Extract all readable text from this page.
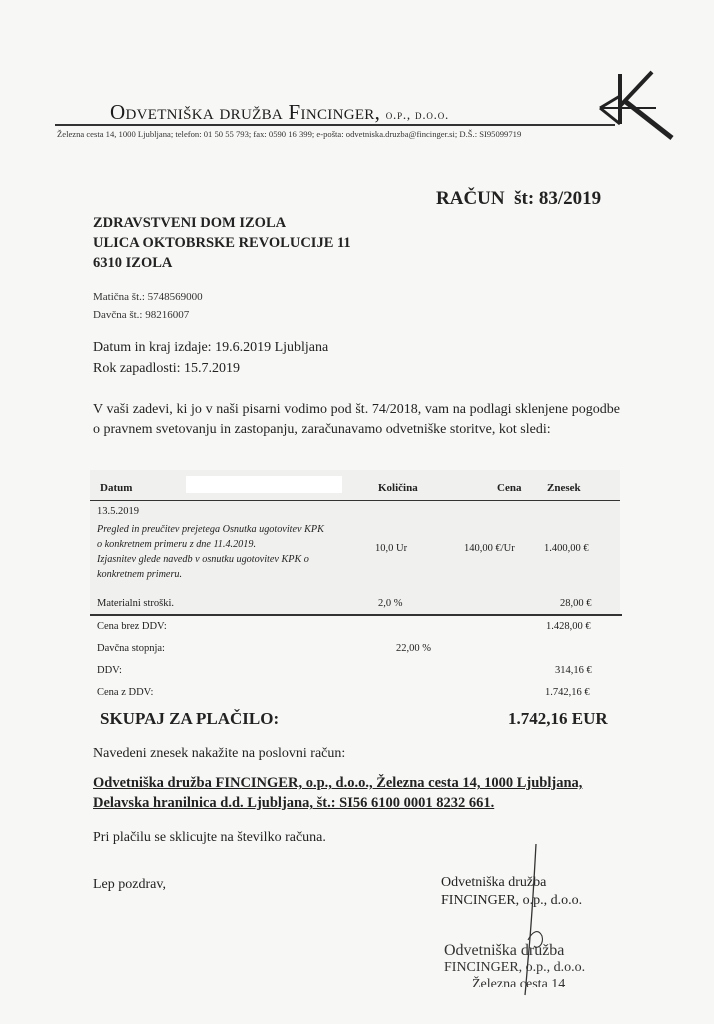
Odvetniška družba Fincinger, o.p., d.o.o.
Železna cesta 14, 1000 Ljubljana; telefon: 01 50 55 793; fax: 0590 16 399; e-pošta: odvetniska.druzba@fincinger.si; D.Š.: SI95099719
RAČUN št: 83/2019
ZDRAVSTVENI DOM IZOLA
ULICA OKTOBRSKE REVOLUCIJE 11
6310 IZOLA
Matična št.: 5748569000
Davčna št.: 98216007
Datum in kraj izdaje: 19.6.2019 Ljubljana
Rok zapadlosti: 15.7.2019
V vaši zadevi, ki jo v naši pisarni vodimo pod št. 74/2018, vam na podlagi sklenjene pogodbe o pravnem svetovanju in zastopanju, zaračunavamo odvetniške storitve, kot sledi:
Datum	Količina	Cena Znesek
13.5.2019
Pregled in preučitev prejetega Osnutka ugotovitev KPK
o konkretnem primeru z dne 11.4.2019.
Izjasnitev glede navedb v osnutku ugotovitev KPK o
konkretnem primeru.
10,0 Ur	140,00 €/Ur	1.400,00 €
Materialni stroški.	2,0 %	28,00 €
Cena brez DDV:	1.428,00 €
Davčna stopnja:	22,00 %
DDV:	314,16 €
Cena z DDV:	1.742,16 €
SKUPAJ ZA PLAČILO:	1.742,16 EUR
Navedeni znesek nakažite na poslovni račun:
Odvetniška družba FINCINGER, o.p., d.o.o., Železna cesta 14, 1000 Ljubljana,
Delavska hranilnica d.d. Ljubljana, št.: SI56 6100 0001 8232 661.
Pri plačilu se sklicujte na številko računa.
Lep pozdrav,	Odvetniška družba
FINCINGER, o.p., d.o.o.
Odvetniška družba
FINCINGER, o.p., d.o.o.
Železna cesta 14
